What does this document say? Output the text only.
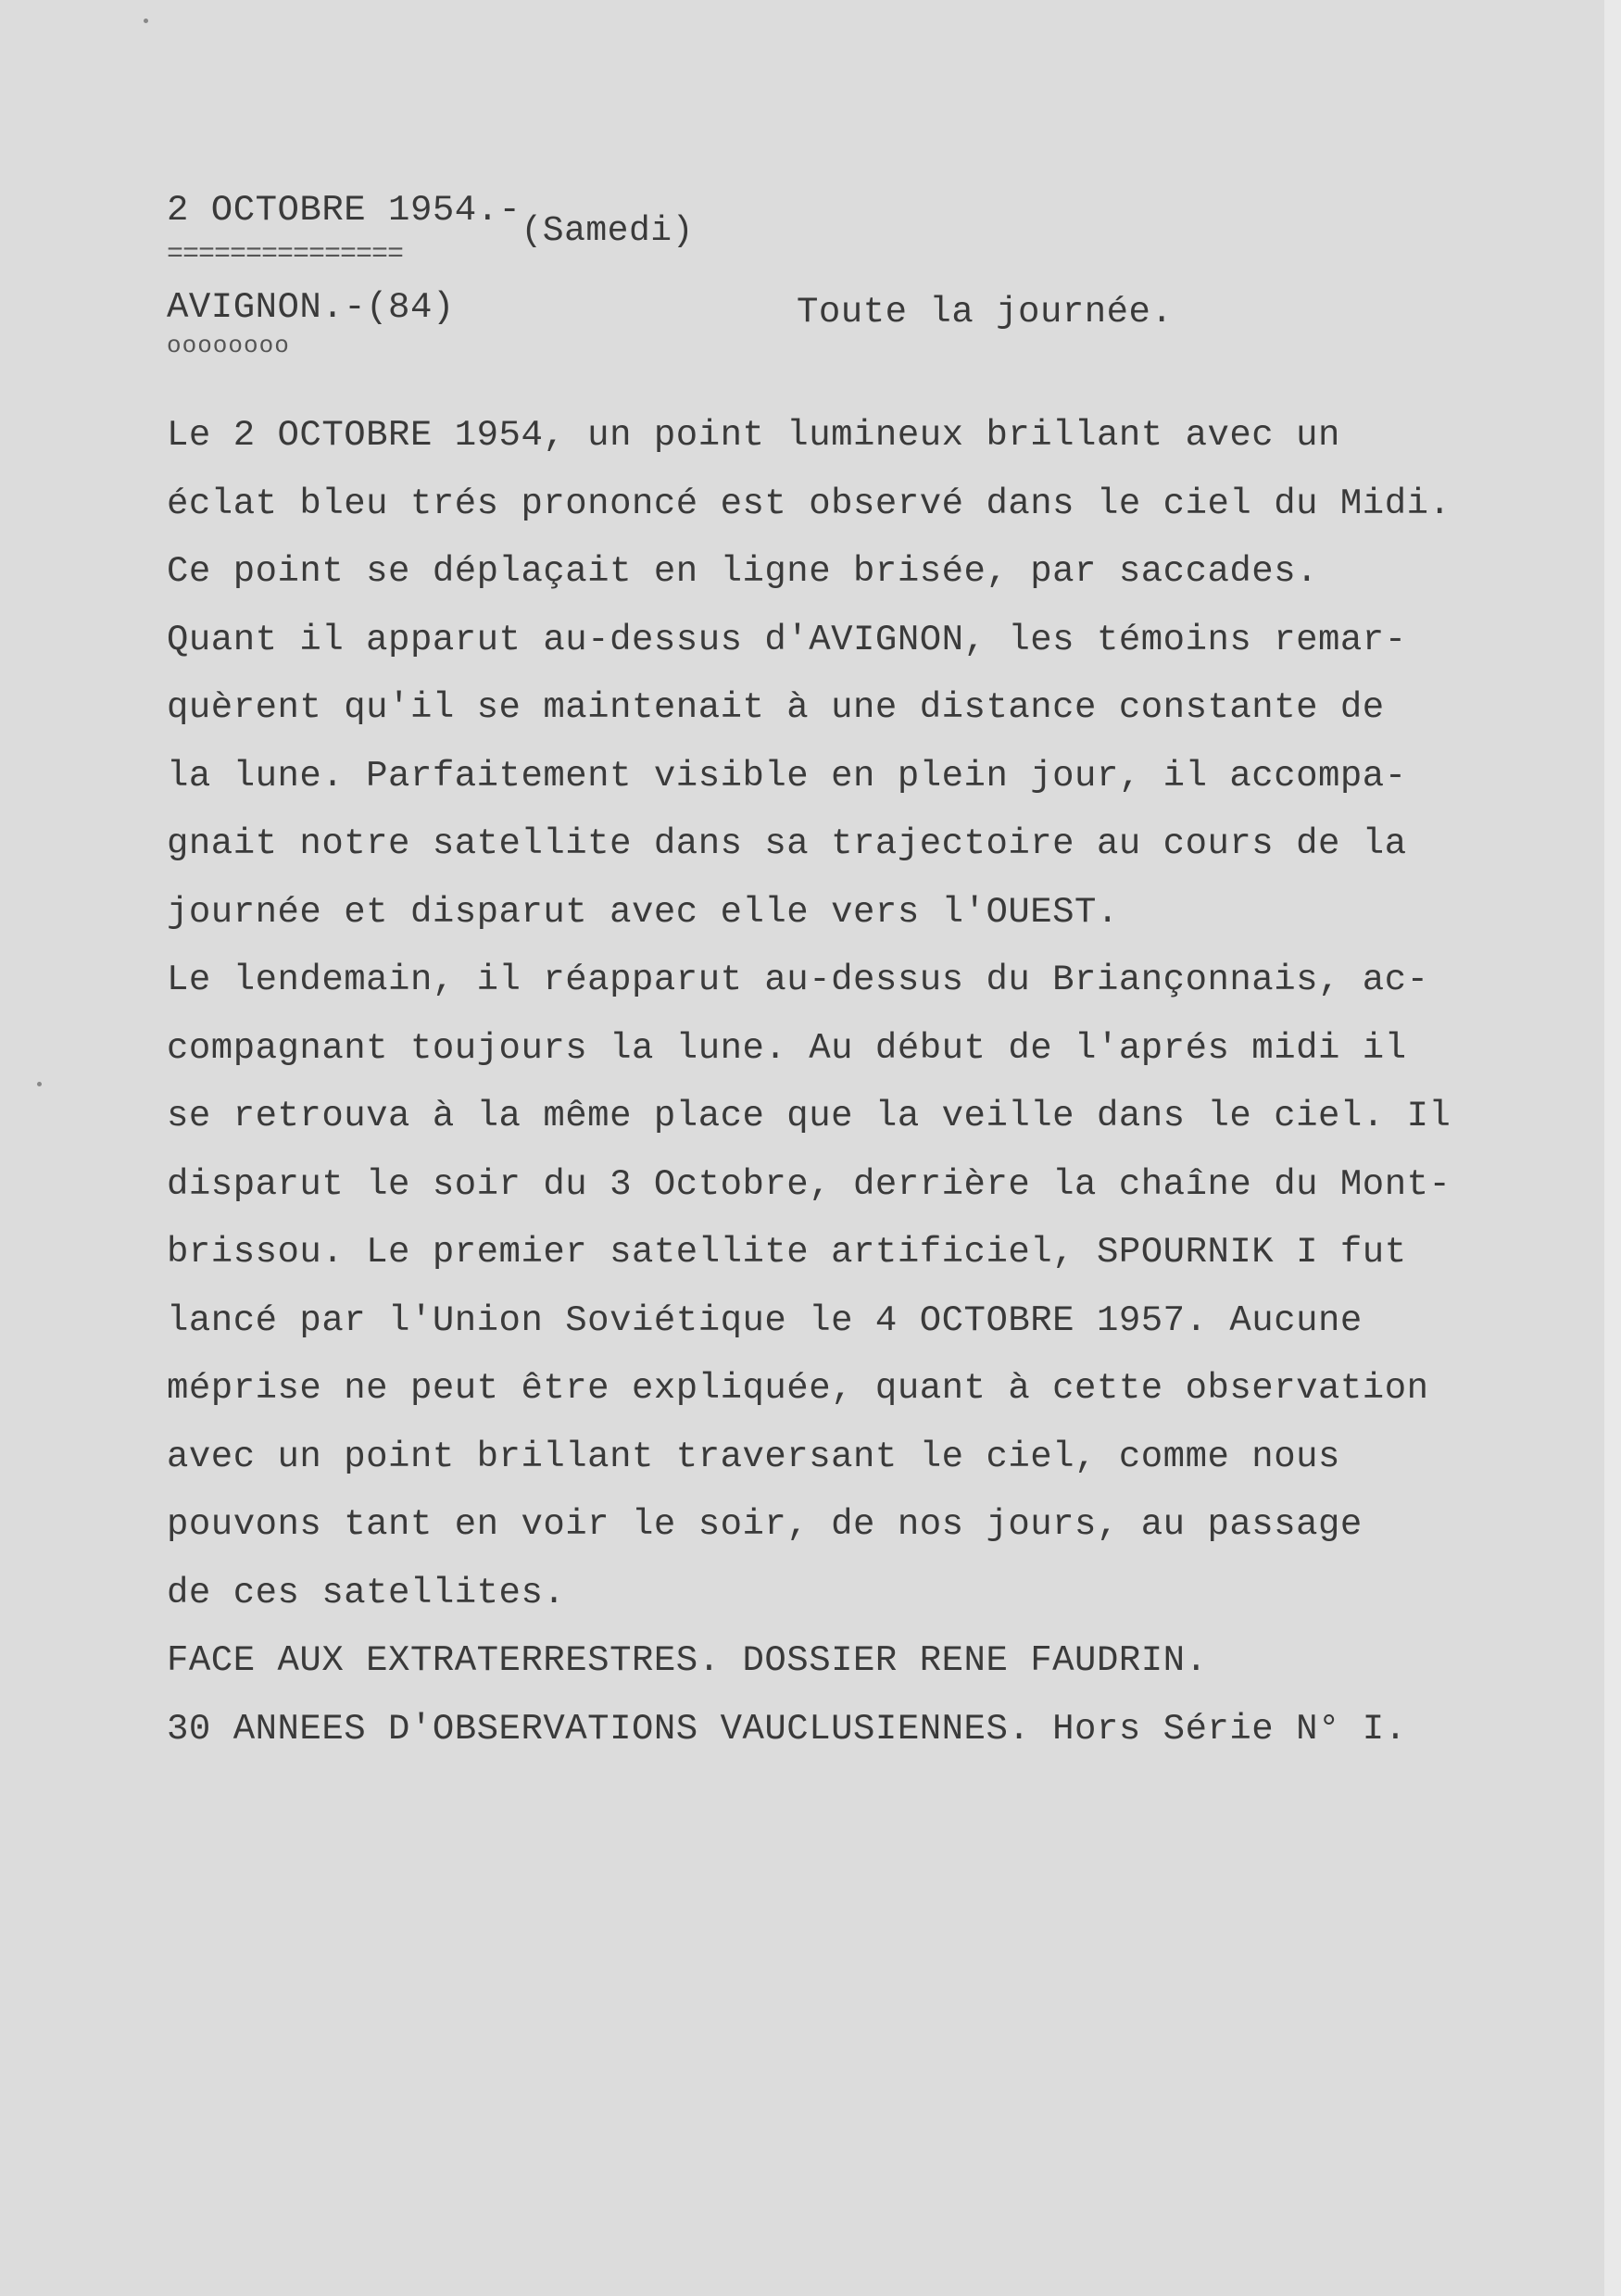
2 OCTOBRE 1954.-(Samedi)
===============
AVIGNON.-(84)	Toute la journée.
oooooooo
Le 2 OCTOBRE 1954, un point lumineux brillant avec un
éclat bleu trés prononcé est observé dans le ciel du Midi.
Ce point se déplaçait en ligne brisée, par saccades.
Quant il apparut au-dessus d'AVIGNON, les témoins remar-
quèrent qu'il se maintenait à une distance constante de
la lune. Parfaitement visible en plein jour, il accompa-
gnait notre satellite dans sa trajectoire au cours de la
journée et disparut avec elle vers l'OUEST.
Le lendemain, il réapparut au-dessus du Briançonnais, ac-
compagnant toujours la lune. Au début de l'aprés midi il
se retrouva à la même place que la veille dans le ciel. Il
disparut le soir du 3 Octobre, derrière la chaîne du Mont-
brissou. Le premier satellite artificiel, SPOURNIK I fut
lancé par l'Union Soviétique le 4 OCTOBRE 1957. Aucune
méprise ne peut être expliquée, quant à cette observation
avec un point brillant traversant le ciel, comme nous
pouvons tant en voir le soir, de nos jours, au passage
de ces satellites.
FACE AUX EXTRATERRESTRES. DOSSIER RENE FAUDRIN.
30 ANNEES D'OBSERVATIONS VAUCLUSIENNES. Hors Série N° I.
